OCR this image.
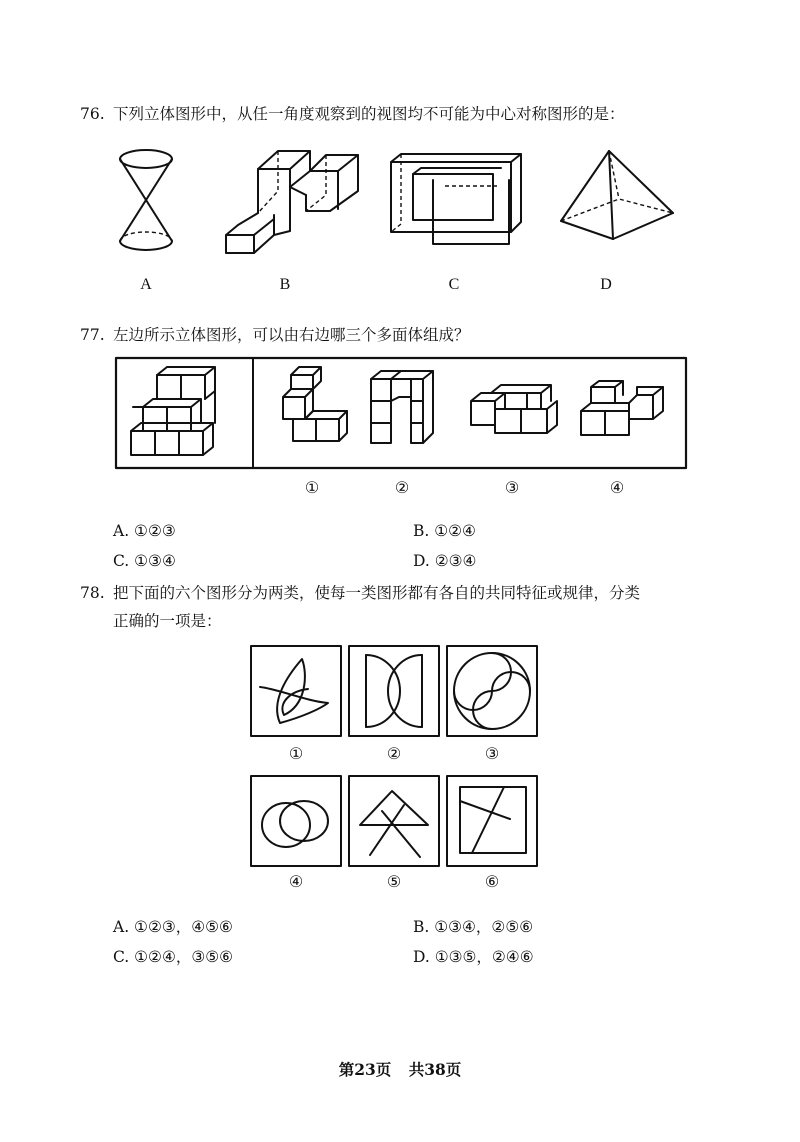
76. 下列立体图形中，从任一角度观察到的视图均不可能为中心对称图形的是：
A	B	C	D
77. 左边所示立体图形，可以由右边哪三个多面体组成？
①	②	③	④
A. ①②③	B. ①②④
C. ①③④	D. ②③④
78. 把下面的六个图形分为两类，使每一类图形都有各自的共同特征或规律，分类
正确的一项是：
①	②	③
④	⑤	⑥
A. ①②③，④⑤⑥	B. ①③④，②⑤⑥
C. ①②④，③⑤⑥	D. ①③⑤，②④⑥
第23页 共38页
